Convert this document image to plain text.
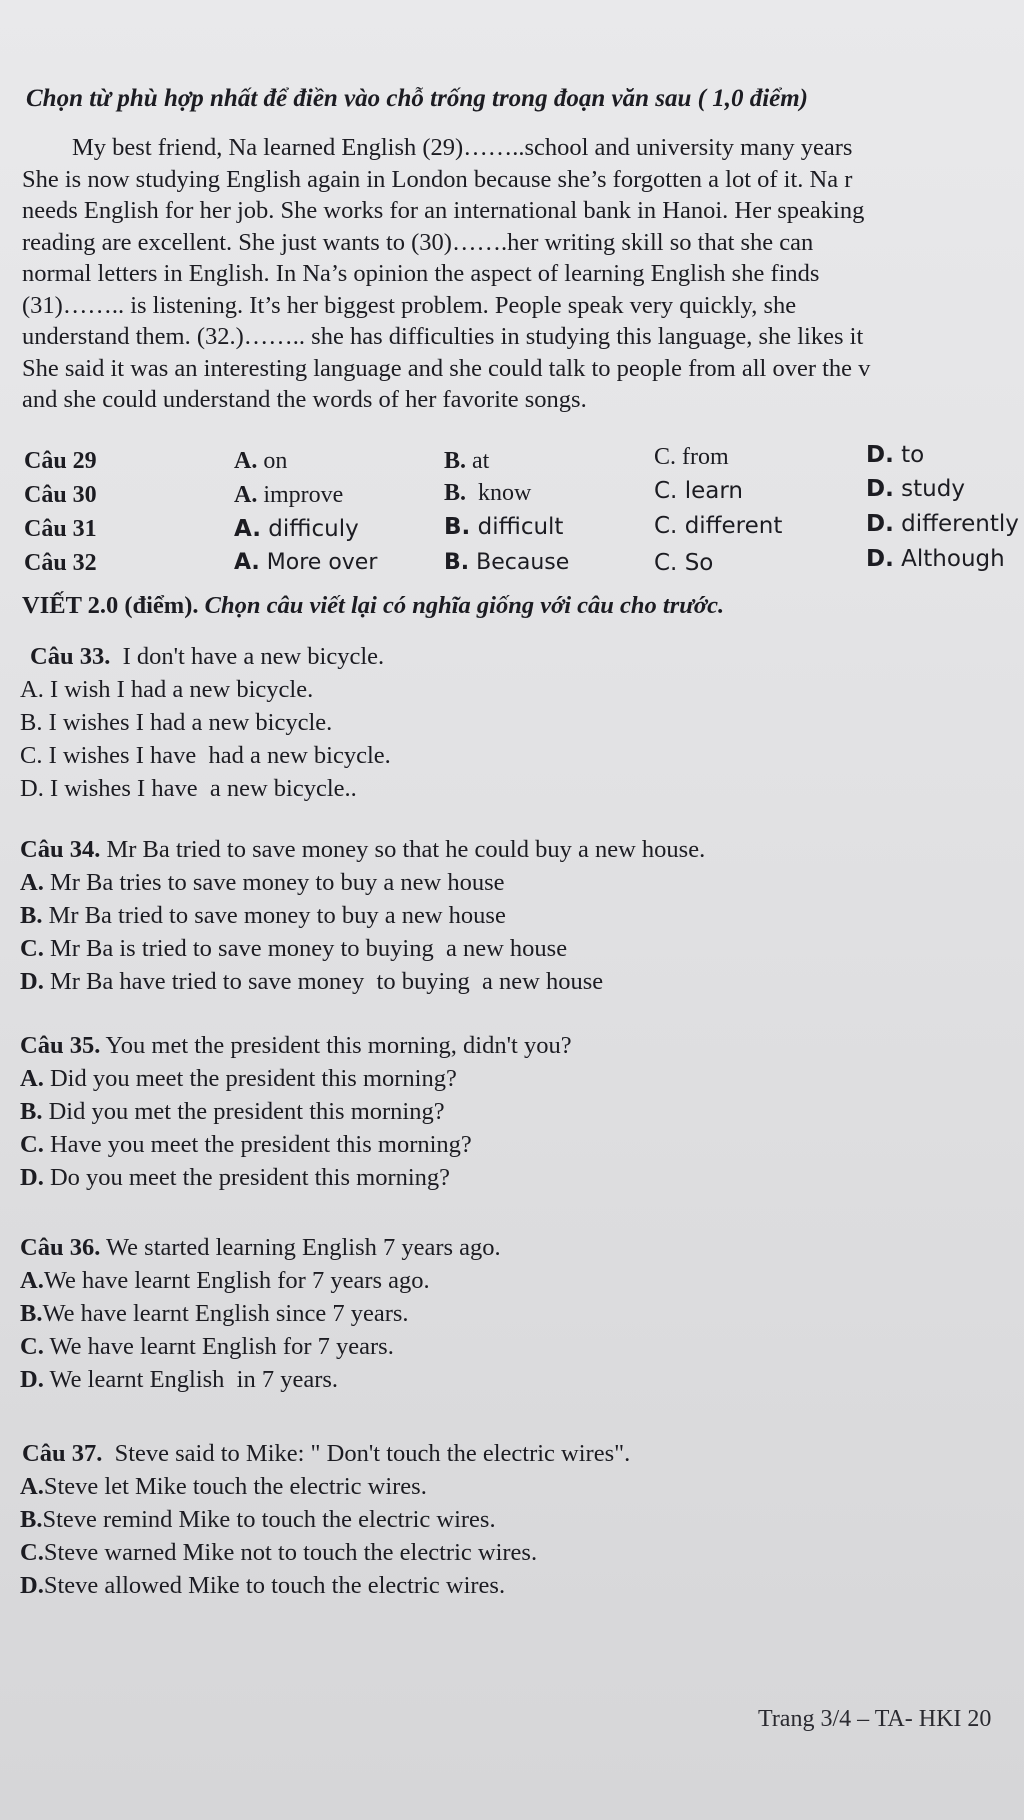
Chọn từ phù hợp nhất để điền vào chỗ trống trong đoạn văn sau ( 1,0 điểm)
My best friend, Na learned English (29)……..school and university many years
She is now studying English again in London because she’s forgotten a lot of it. Na r
needs English for her job. She works for an international bank in Hanoi. Her speaking
reading are excellent. She just wants to (30)…….her writing skill so that she can
normal letters in English. In Na’s opinion the aspect of learning English she finds
(31)…….. is listening. It’s her biggest problem. People speak very quickly, she
understand them. (32.)…….. she has difficulties in studying this language, she likes it
She said it was an interesting language and she could talk to people from all over the v
and she could understand the words of her favorite songs.
Câu 29	A. on	B. at	C. from	D. to
Câu 30	A. improve	B. know	C. learn	D. study
Câu 31	A. difficuly	B. difficult	C. different	D. differently
Câu 32	A. More over	B. Because	C. So	D. Although
VIẾT 2.0 (điểm). Chọn câu viết lại có nghĩa giống với câu cho trước.
Câu 33. I don't have a new bicycle.
A. I wish I had a new bicycle.
B. I wishes I had a new bicycle.
C. I wishes I have  had a new bicycle.
D. I wishes I have  a new bicycle..
Câu 34. Mr Ba tried to save money so that he could buy a new house.
A. Mr Ba tries to save money to buy a new house
B. Mr Ba tried to save money to buy a new house
C. Mr Ba is tried to save money to buying  a new house
D. Mr Ba have tried to save money  to buying  a new house
Câu 35. You met the president this morning, didn't you?
A. Did you meet the president this morning?
B. Did you met the president this morning?
C. Have you meet the president this morning?
D. Do you meet the president this morning?
Câu 36. We started learning English 7 years ago.
A.We have learnt English for 7 years ago.
B.We have learnt English since 7 years.
C. We have learnt English for 7 years.
D. We learnt English  in 7 years.
Câu 37. Steve said to Mike: " Don't touch the electric wires".
A.Steve let Mike touch the electric wires.
B.Steve remind Mike to touch the electric wires.
C.Steve warned Mike not to touch the electric wires.
D.Steve allowed Mike to touch the electric wires.
Trang 3/4 – TA- HKI 20
